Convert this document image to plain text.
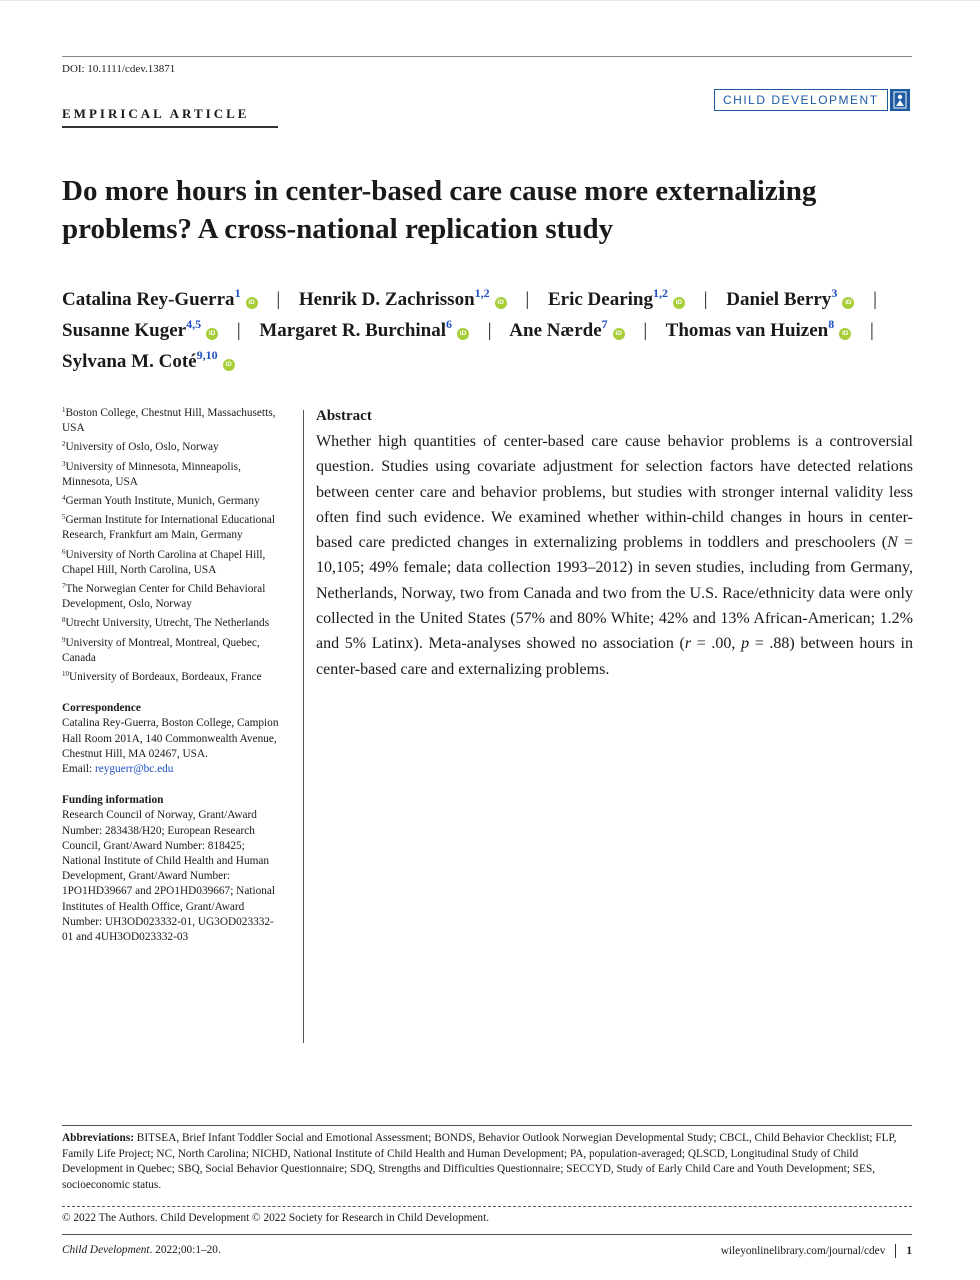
DOI: 10.1111/cdev.13871
EMPIRICAL ARTICLE
CHILD DEVELOPMENT
Do more hours in center-based care cause more externalizing problems? A cross-national replication study
Catalina Rey-Guerra$^1$iD | Henrik D. Zachrisson$^{1,2}$iD | Eric Dearing$^{1,2}$iD | Daniel Berry$^3$iD | Susanne Kuger$^{4,5}$iD | Margaret R. Burchinal$^6$iD | Ane Nærde$^7$iD | Thomas van Huizen$^8$iD | Sylvana M. Coté$^{9,10}$iD
$^1$Boston College, Chestnut Hill, Massachusetts, USA
$^2$University of Oslo, Oslo, Norway
$^3$University of Minnesota, Minneapolis, Minnesota, USA
$^4$German Youth Institute, Munich, Germany
$^5$German Institute for International Educational Research, Frankfurt am Main, Germany
$^6$University of North Carolina at Chapel Hill, Chapel Hill, North Carolina, USA
$^7$The Norwegian Center for Child Behavioral Development, Oslo, Norway
$^8$Utrecht University, Utrecht, The Netherlands
$^9$University of Montreal, Montreal, Quebec, Canada
$^{10}$University of Bordeaux, Bordeaux, France
Correspondence
Catalina Rey-Guerra, Boston College, Campion Hall Room 201A, 140 Commonwealth Avenue, Chestnut Hill, MA 02467, USA.
Email: reyguerr@bc.edu
Funding information
Research Council of Norway, Grant/Award Number: 283438/H20; European Research Council, Grant/Award Number: 818425; National Institute of Child Health and Human Development, Grant/Award Number: 1PO1HD39667 and 2PO1HD039667; National Institutes of Health Office, Grant/Award Number: UH3OD023332-01, UG3OD023332-01 and 4UH3OD023332-03
Abstract

Whether high quantities of center-based care cause behavior problems is a controversial question. Studies using covariate adjustment for selection factors have detected relations between center care and behavior problems, but studies with stronger internal validity less often find such evidence. We examined whether within-child changes in hours in center-based care predicted changes in externalizing problems in toddlers and preschoolers (N = 10,105; 49% female; data collection 1993–2012) in seven studies, including from Germany, Netherlands, Norway, two from Canada and two from the U.S. Race/ethnicity data were only collected in the United States (57% and 80% White; 42% and 13% African-American; 1.2% and 5% Latinx). Meta-analyses showed no association (r = .00, p = .88) between hours in center-based care and externalizing problems.

Abbreviations: BITSEA, Brief Infant Toddler Social and Emotional Assessment; BONDS, Behavior Outlook Norwegian Developmental Study; CBCL, Child Behavior Checklist; FLP, Family Life Project; NC, North Carolina; NICHD, National Institute of Child Health and Human Development; PA, population-averaged; QLSCD, Longitudinal Study of Child Development in Quebec; SBQ, Social Behavior Questionnaire; SDQ, Strengths and Difficulties Questionnaire; SECCYD, Study of Early Child Care and Youth Development; SES, socioeconomic status.
© 2022 The Authors. Child Development © 2022 Society for Research in Child Development.
Child Development. 2022;00:1–20.	wileyonlinelibrary.com/journal/cdev 1
